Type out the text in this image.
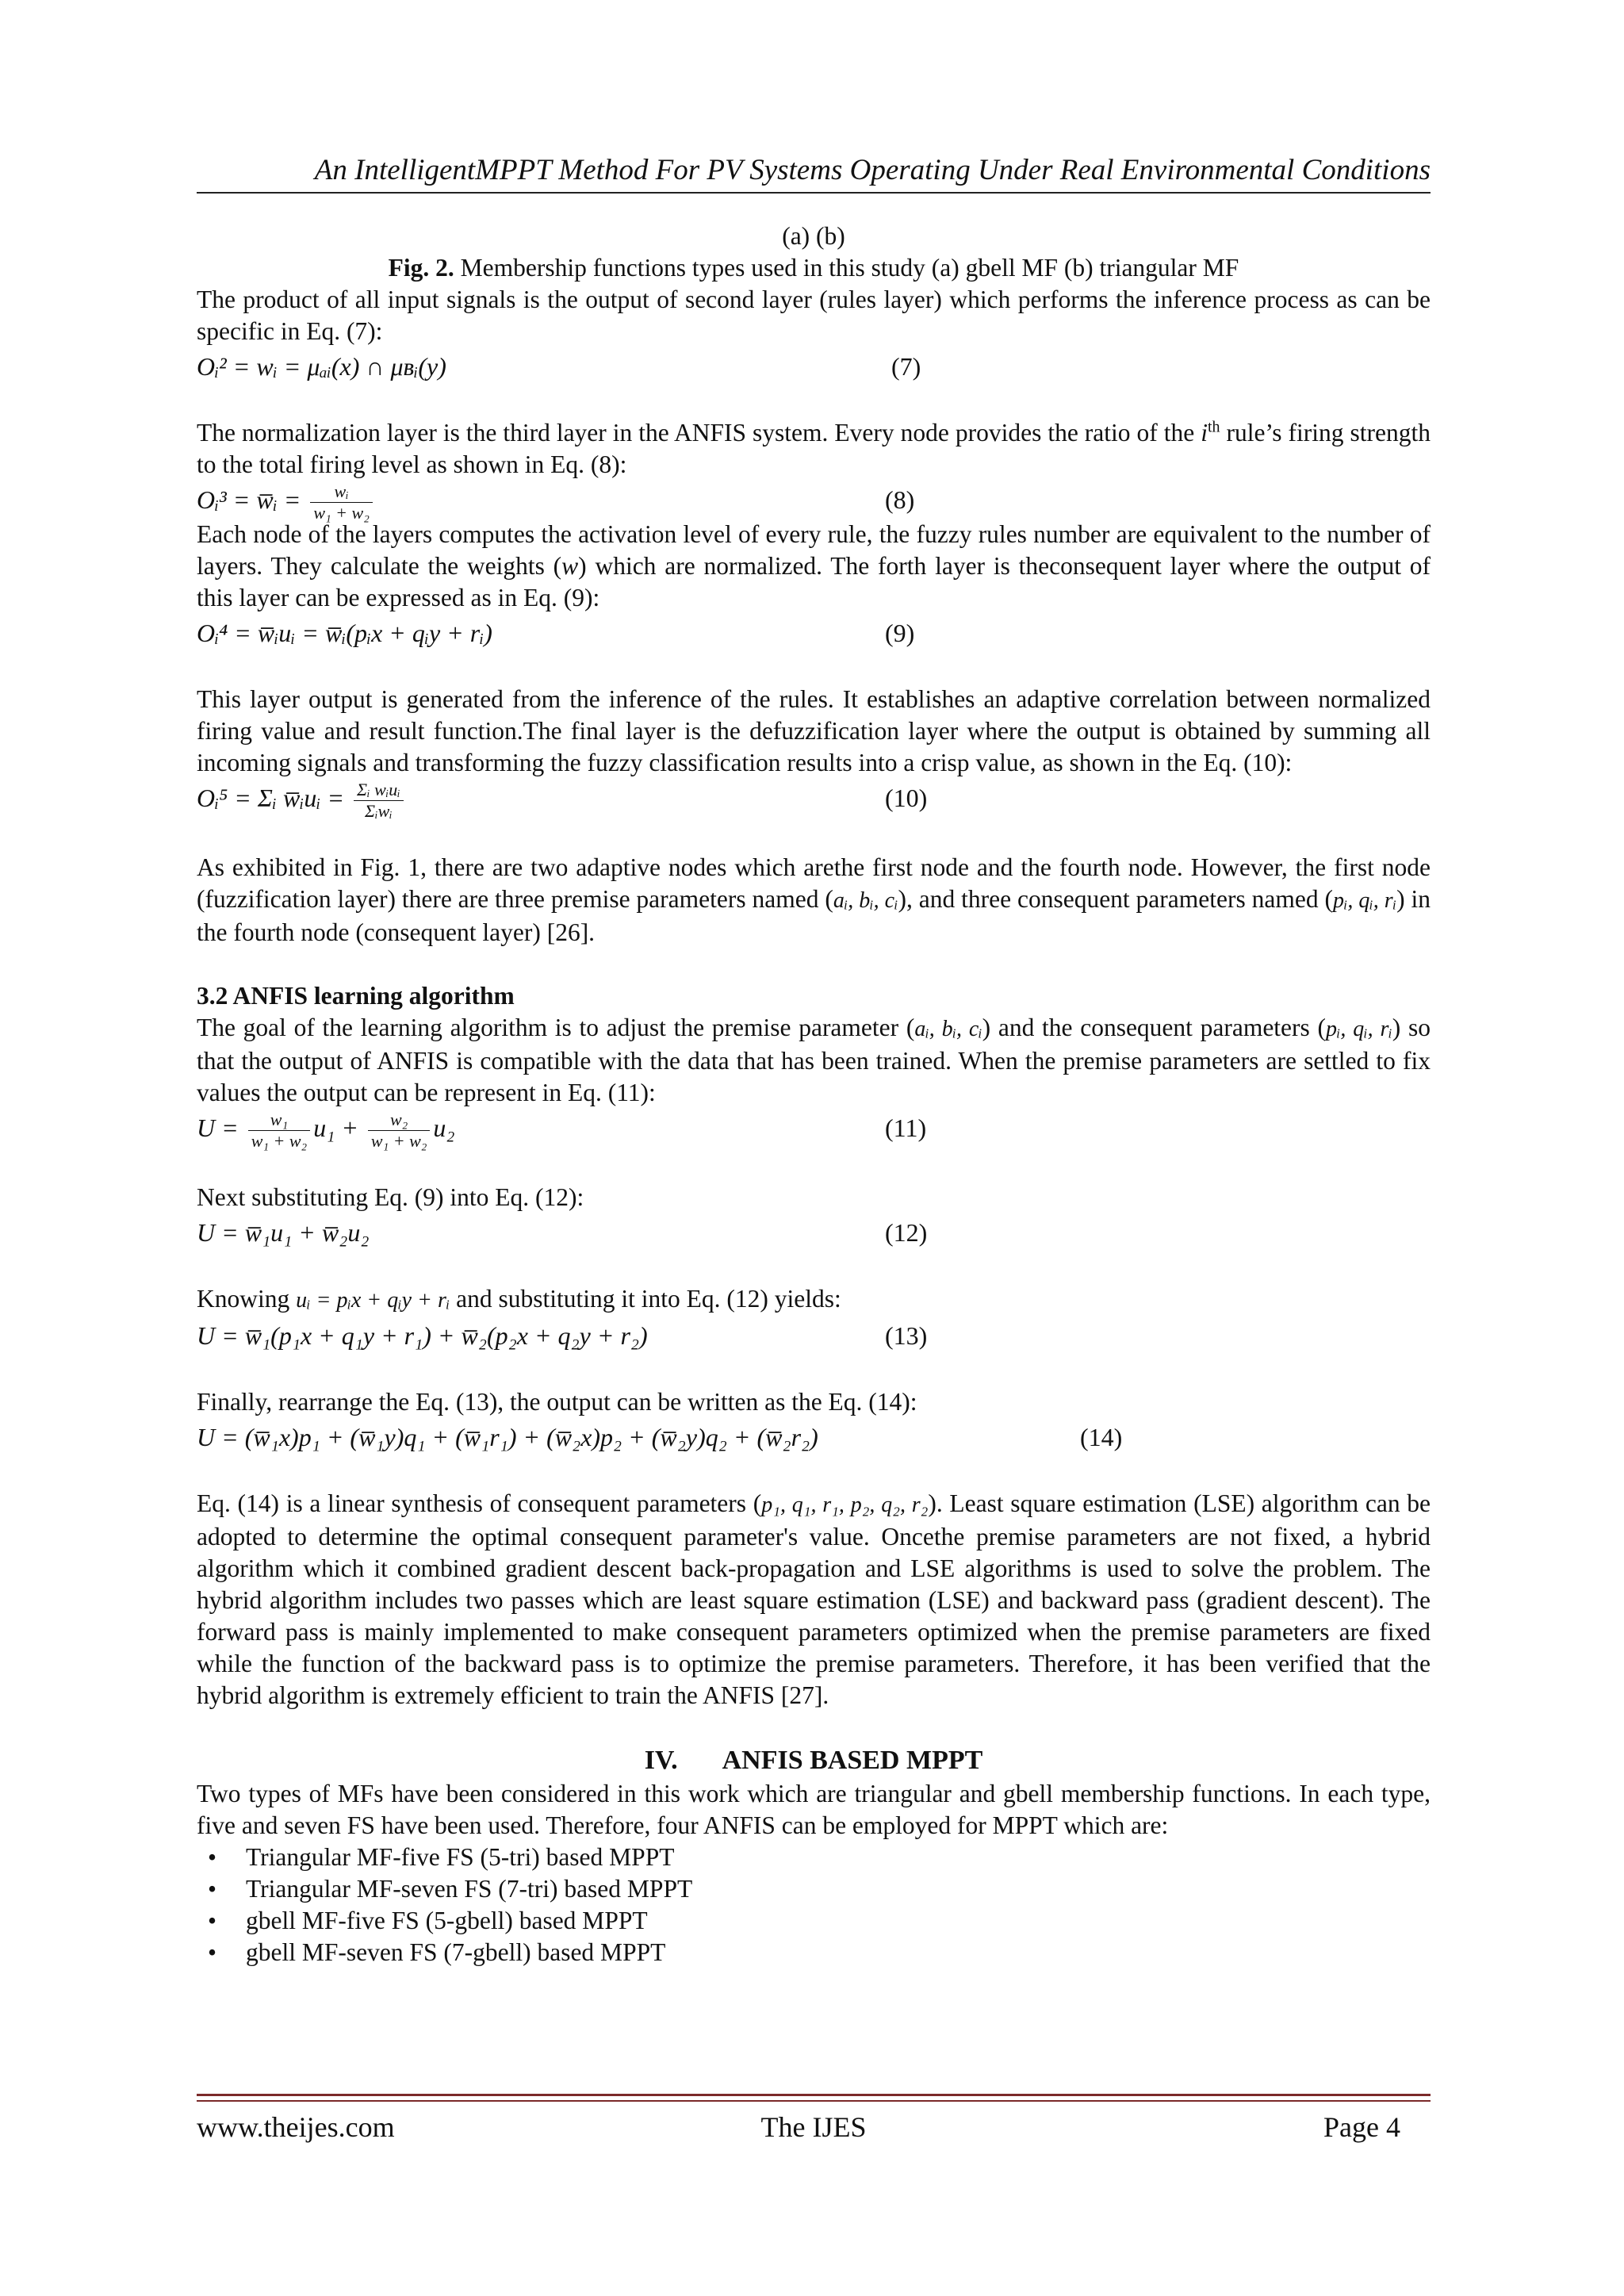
An IntelligentMPPT Method For PV Systems Operating Under Real Environmental Conditions

(a) (b)

Fig. 2. Membership functions types used in this study (a) gbell MF (b) triangular MF

The product of all input signals is the output of second layer (rules layer) which performs the inference process as can be specific in Eq. (7):

Oᵢ² = wᵢ = μₐᵢ(x) ∩ μʙᵢ(y)	(7)

The normalization layer is the third layer in the ANFIS system. Every node provides the ratio of the $i^{th}$ rule’s firing strength to the total firing level as shown in Eq. (8):

Oᵢ³ = w̅ᵢ = $\frac{\text{wᵢ}}{\text{w₁ + w₂}}$	(8)

Each node of the layers computes the activation level of every rule, the fuzzy rules number are equivalent to the number of layers. They calculate the weights (w) which are normalized. The forth layer is theconsequent layer where the output of this layer can be expressed as in Eq. (9):

Oᵢ⁴ = w̅ᵢuᵢ = w̅ᵢ(pᵢx + qᵢy + rᵢ)	(9)

This layer output is generated from the inference of the rules. It establishes an adaptive correlation between normalized firing value and result function.The final layer is the defuzzification layer where the output is obtained by summing all incoming signals and transforming the fuzzy classification results into a crisp value, as shown in the Eq. (10):

Oᵢ⁵ = Σᵢ w̅ᵢuᵢ = $\frac{\text{Σᵢ wᵢuᵢ}}{\text{Σᵢwᵢ}}$	(10)

As exhibited in Fig. 1, there are two adaptive nodes which arethe first node and the fourth node. However, the first node (fuzzification layer) there are three premise parameters named (aᵢ, bᵢ, cᵢ), and three consequent parameters named (pᵢ, qᵢ, rᵢ) in the fourth node (consequent layer) [26].

3.2 ANFIS learning algorithm

The goal of the learning algorithm is to adjust the premise parameter (aᵢ, bᵢ, cᵢ) and the consequent parameters (pᵢ, qᵢ, rᵢ) so that the output of ANFIS is compatible with the data that has been trained. When the premise parameters are settled to fix values the output can be represent in Eq. (11):

$U = \frac{\text{w₁}}{\text{w₁ + w₂}} u_1 + \frac{\text{w₂}}{\text{w₁ + w₂}} u_2$	(11)

Next substituting Eq. (9) into Eq. (12):

U = w̅₁u₁ + w̅₂u₂	(12)

Knowing uᵢ = pᵢx + qᵢy + rᵢ and substituting it into Eq. (12) yields:

U = w̅₁(p₁x + q₁y + r₁) + w̅₂(p₂x + q₂y + r₂)	(13)

Finally, rearrange the Eq. (13), the output can be written as the Eq. (14):

U = (w̅₁x)p₁ + (w̅₁y)q₁ + (w̅₁r₁) + (w̅₂x)p₂ + (w̅₂y)q₂ + (w̅₂r₂)	(14)

Eq. (14) is a linear synthesis of consequent parameters (p₁, q₁, r₁, p₂, q₂, r₂). Least square estimation (LSE) algorithm can be adopted to determine the optimal consequent parameter's value. Oncethe premise parameters are not fixed, a hybrid algorithm which it combined gradient descent back-propagation and LSE algorithms is used to solve the problem. The hybrid algorithm includes two passes which are least square estimation (LSE) and backward pass (gradient descent). The forward pass is mainly implemented to make consequent parameters optimized when the premise parameters are fixed while the function of the backward pass is to optimize the premise parameters. Therefore, it has been verified that the hybrid algorithm is extremely efficient to train the ANFIS [27].

IV. ANFIS BASED MPPT

Two types of MFs have been considered in this work which are triangular and gbell membership functions. In each type, five and seven FS have been used. Therefore, four ANFIS can be employed for MPPT which are:

• Triangular MF-five FS (5-tri) based MPPT
• Triangular MF-seven FS (7-tri) based MPPT
• gbell MF-five FS (5-gbell) based MPPT
• gbell MF-seven FS (7-gbell) based MPPT
www.theijes.com	The IJES	Page 4
